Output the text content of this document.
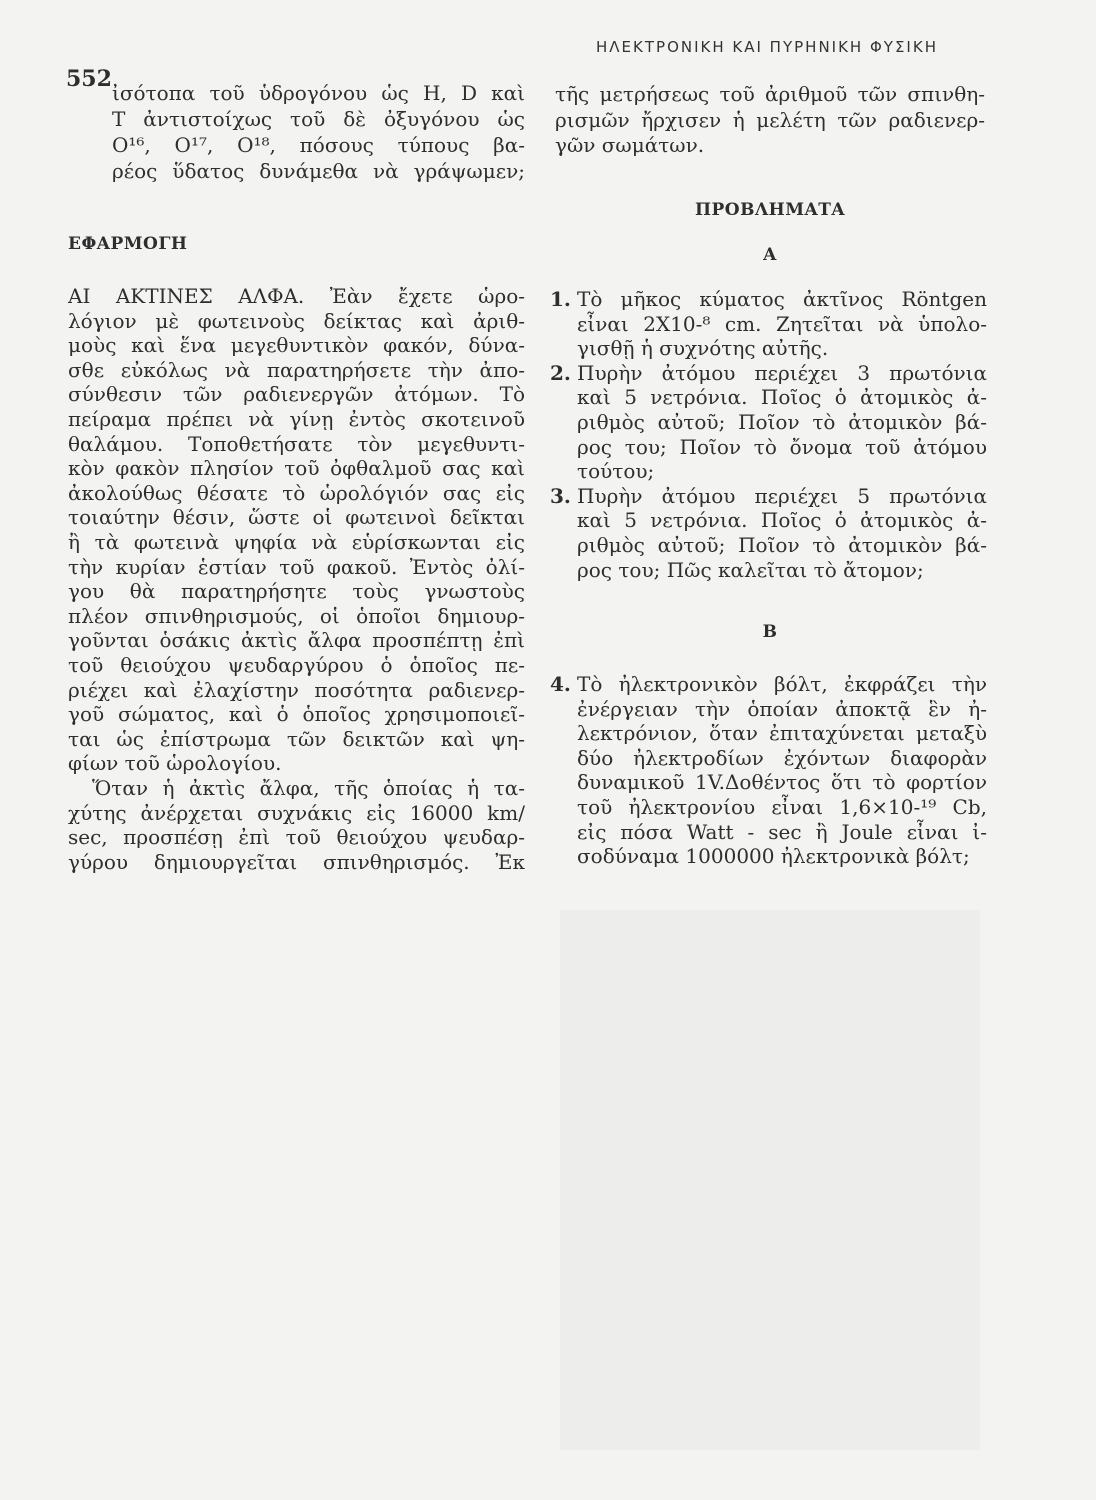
552
ΗΛΕΚΤΡΟΝΙΚΗ ΚΑΙ ΠΥΡΗΝΙΚΗ ΦΥΣΙΚΗ
ἰσότοπα τοῦ ὑδρογόνου ὡς H, D καὶ
T ἀντιστοίχως τοῦ δὲ ὀξυγόνου ὡς
O¹⁶, O¹⁷, O¹⁸, πόσους τύπους βα-
ρέος ὕδατος δυνάμεθα νὰ γράψωμεν;
ΕΦΑΡΜΟΓΗ
ΑΙ ΑΚΤΙΝΕΣ ΑΛΦΑ. Ἐὰν ἔχετε ὡρο-
λόγιον μὲ φωτεινοὺς δείκτας καὶ ἀριθ-
μοὺς καὶ ἕνα μεγεθυντικὸν φακόν, δύνα-
σθε εὐκόλως νὰ παρατηρήσετε τὴν ἀπο-
σύνθεσιν τῶν ραδιενεργῶν ἀτόμων. Τὸ
πείραμα πρέπει νὰ γίνῃ ἐντὸς σκοτεινοῦ
θαλάμου. Τοποθετήσατε τὸν μεγεθυντι-
κὸν φακὸν πλησίον τοῦ ὀφθαλμοῦ σας καὶ
ἀκολούθως θέσατε τὸ ὡρολόγιόν σας εἰς
τοιαύτην θέσιν, ὥστε οἱ φωτεινοὶ δεῖκται
ἢ τὰ φωτεινὰ ψηφία νὰ εὑρίσκωνται εἰς
τὴν κυρίαν ἑστίαν τοῦ φακοῦ. Ἐντὸς ὀλί-
γου θὰ παρατηρήσητε τοὺς γνωστοὺς
πλέον σπινθηρισμούς, οἱ ὁποῖοι δημιουρ-
γοῦνται ὁσάκις ἀκτὶς ἄλφα προσπέπτῃ ἐπὶ
τοῦ θειούχου ψευδαργύρου ὁ ὁποῖος πε-
ριέχει καὶ ἐλαχίστην ποσότητα ραδιενερ-
γοῦ σώματος, καὶ ὁ ὁποῖος χρησιμοποιεῖ-
ται ὡς ἐπίστρωμα τῶν δεικτῶν καὶ ψη-
φίων τοῦ ὡρολογίου.
Ὅταν ἡ ἀκτὶς ἄλφα, τῆς ὁποίας ἡ τα-
χύτης ἀνέρχεται συχνάκις εἰς 16000 km/
sec, προσπέσῃ ἐπὶ τοῦ θειούχου ψευδαρ-
γύρου δημιουργεῖται σπινθηρισμός. Ἐκ
τῆς μετρήσεως τοῦ ἀριθμοῦ τῶν σπινθη-
ρισμῶν ἤρχισεν ἡ μελέτη τῶν ραδιενερ-
γῶν σωμάτων.
ΠΡΟΒΛΗΜΑΤΑ
Α
1. Τὸ μῆκος κύματος ἀκτῖνος Röntgen
εἶναι 2X10-⁸ cm. Ζητεῖται νὰ ὑπολο-
γισθῇ ἡ συχνότης αὐτῆς.
2. Πυρὴν ἀτόμου περιέχει 3 πρωτόνια
καὶ 5 νετρόνια. Ποῖος ὁ ἀτομικὸς ἀ-
ριθμὸς αὐτοῦ; Ποῖον τὸ ἀτομικὸν βά-
ρος του; Ποῖον τὸ ὄνομα τοῦ ἀτόμου
τούτου;
3. Πυρὴν ἀτόμου περιέχει 5 πρωτόνια
καὶ 5 νετρόνια. Ποῖος ὁ ἀτομικὸς ἀ-
ριθμὸς αὐτοῦ; Ποῖον τὸ ἀτομικὸν βά-
ρος του; Πῶς καλεῖται τὸ ἄτομον;
Β
4. Τὸ ἠλεκτρονικὸν βόλτ, ἐκφράζει τὴν
ἐνέργειαν τὴν ὁποίαν ἀποκτᾷ ἓν ἠ-
λεκτρόνιον, ὅταν ἐπιταχύνεται μεταξὺ
δύο ἠλεκτροδίων ἐχόντων διαφορὰν
δυναμικοῦ 1V.Δοθέντος ὅτι τὸ φορτίον
τοῦ ἠλεκτρονίου εἶναι 1,6×10-¹⁹ Cb,
εἰς πόσα Watt - sec ἢ Joule εἶναι ἰ-
σοδύναμα 1000000 ἠλεκτρονικὰ βόλτ;
